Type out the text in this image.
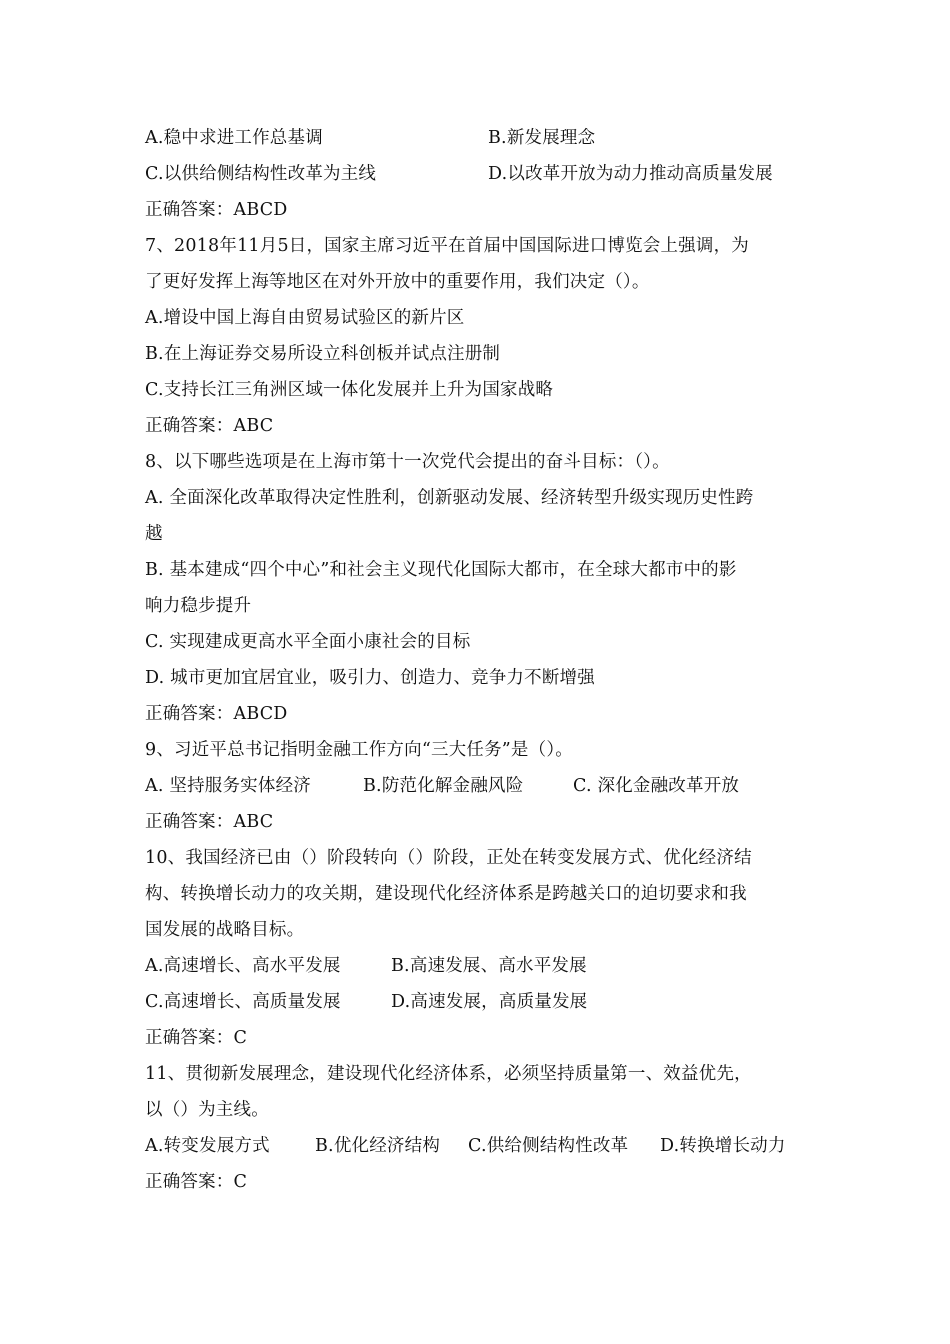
A.稳中求进工作总基调	B.新发展理念
C.以供给侧结构性改革为主线	D.以改革开放为动力推动高质量发展
正确答案：ABCD
7、2018年11月5日，国家主席习近平在首届中国国际进口博览会上强调，为
了更好发挥上海等地区在对外开放中的重要作用，我们决定（）。
A.增设中国上海自由贸易试验区的新片区
B.在上海证券交易所设立科创板并试点注册制
C.支持长江三角洲区域一体化发展并上升为国家战略
正确答案：ABC
8、以下哪些选项是在上海市第十一次党代会提出的奋斗目标：（）。
A. 全面深化改革取得决定性胜利，创新驱动发展、经济转型升级实现历史性跨
越
B. 基本建成“四个中心”和社会主义现代化国际大都市，在全球大都市中的影
响力稳步提升
C. 实现建成更高水平全面小康社会的目标
D. 城市更加宜居宜业，吸引力、创造力、竞争力不断增强
正确答案：ABCD
9、习近平总书记指明金融工作方向“三大任务”是（）。
A. 坚持服务实体经济	B.防范化解金融风险	C. 深化金融改革开放
正确答案：ABC
10、我国经济已由（）阶段转向（）阶段，正处在转变发展方式、优化经济结
构、转换增长动力的攻关期，建设现代化经济体系是跨越关口的迫切要求和我
国发展的战略目标。
A.高速增长、高水平发展	B.高速发展、高水平发展
C.高速增长、高质量发展	D.高速发展，高质量发展
正确答案：C
11、贯彻新发展理念，建设现代化经济体系，必须坚持质量第一、效益优先，
以（）为主线。
A.转变发展方式	B.优化经济结构 C.供给侧结构性改革 D.转换增长动力
正确答案：C
